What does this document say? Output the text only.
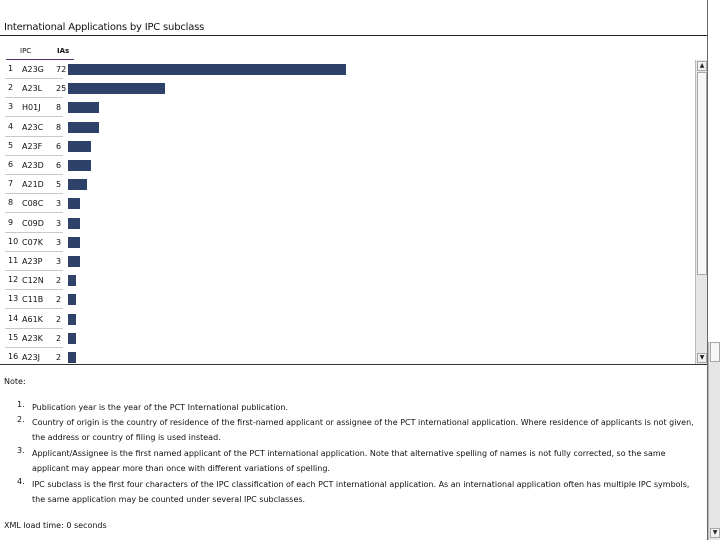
International Applications by IPC subclass
IPC	IAs
1 A23G 72
2 A23L 25
3 H01J 8
4 A23C 8
5 A23F 6
6 A23D 6
7 A21D 5
8 C08C 3
9 C09D 3
10 C07K 3
11 A23P 3
12 C12N 2
13 C11B 2
14 A61K 2
15 A23K 2
16 A23J 2
▲
▼
Note:
1. Publication year is the year of the PCT International publication.
2. Country of origin is the country of residence of the first-named applicant or assignee of the PCT international application. Where residence of applicants is not given, the address or country of filing is used instead.
3. Applicant/Assignee is the first named applicant of the PCT international application. Note that alternative spelling of names is not fully corrected, so the same applicant may appear more than once with different variations of spelling.
4. IPC subclass is the first four characters of the IPC classification of each PCT international application. As an international application often has multiple IPC symbols, the same application may be counted under several IPC subclasses.
XML load time: 0 seconds
▼
